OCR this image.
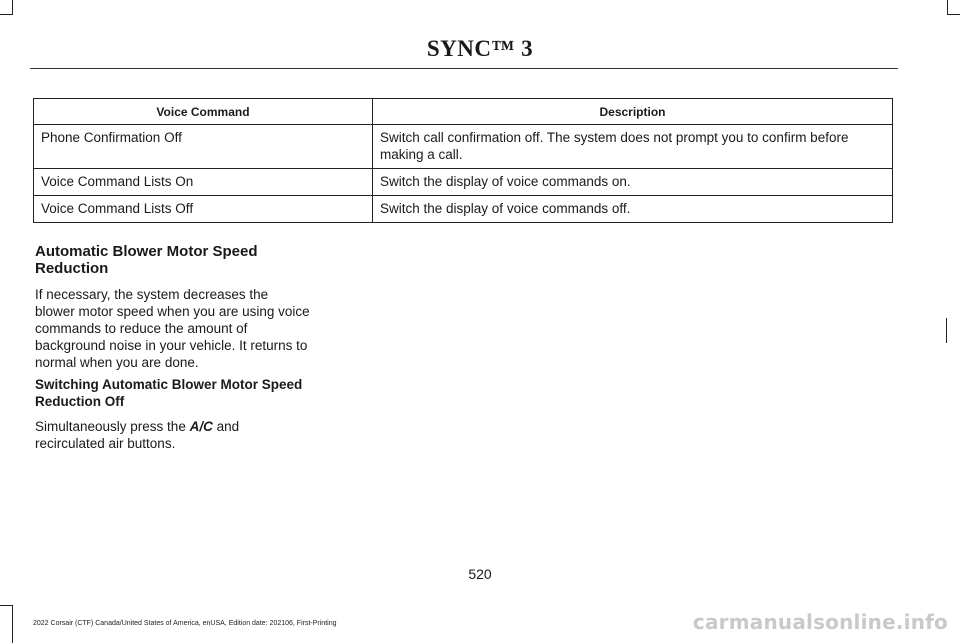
SYNC™ 3
Voice Command	Description
Phone Confirmation Off	Switch call confirmation off. The system does not prompt you to confirm before making a call.
Voice Command Lists On	Switch the display of voice commands on.
Voice Command Lists Off	Switch the display of voice commands off.
Automatic Blower Motor Speed Reduction
If necessary, the system decreases the blower motor speed when you are using voice commands to reduce the amount of background noise in your vehicle. It returns to normal when you are done.
Switching Automatic Blower Motor Speed Reduction Off
Simultaneously press the A/C and recirculated air buttons.
520
2022 Corsair (CTF) Canada/United States of America, enUSA, Edition date: 202106, First-Printing	carmanualsonline.info
